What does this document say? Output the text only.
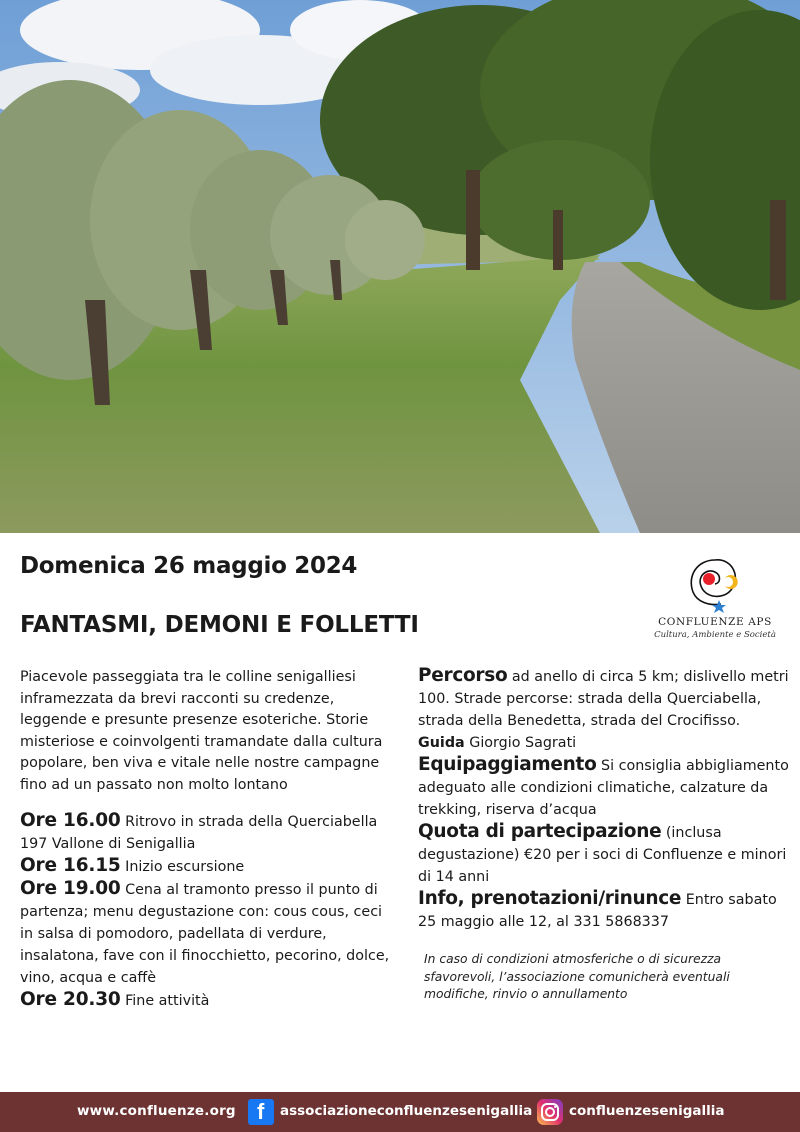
Domenica 26 maggio 2024
FANTASMI, DEMONI E FOLLETTI	CONFLUENZE APS
Cultura, Ambiente e Società

Piacevole passeggiata tra le colline senigalliesi inframezzata da brevi racconti su credenze, leggende e presunte presenze esoteriche. Storie misteriose e coinvolgenti tramandate dalla cultura popolare, ben viva e vitale nelle nostre campagne fino ad un passato non molto lontano

Ore 16.00 Ritrovo in strada della Querciabella 197 Vallone di Senigallia
Ore 16.15 Inizio escursione
Ore 19.00 Cena al tramonto presso il punto di partenza; menu degustazione con: cous cous, ceci in salsa di pomodoro, padellata di verdure, insalatona, fave con il finocchietto, pecorino, dolce, vino, acqua e caffè
Ore 20.30 Fine attività
Percorso ad anello di circa 5 km; dislivello metri 100. Strade percorse: strada della Querciabella, strada della Benedetta, strada del Crocifisso. Guida Giorgio Sagrati
Equipaggiamento Si consiglia abbigliamento adeguato alle condizioni climatiche, calzature da trekking, riserva d’acqua
Quota di partecipazione (inclusa degustazione) €20 per i soci di Confluenze e minori di 14 anni
Info, prenotazioni/rinunce Entro sabato 25 maggio alle 12, al 331 5868337

In caso di condizioni atmosferiche o di sicurezza sfavorevoli, l’associazione comunicherà eventuali modifiche, rinvio o annullamento

www.confluenze.org f associazioneconfluenzesenigallia	confluenzesenigallia
